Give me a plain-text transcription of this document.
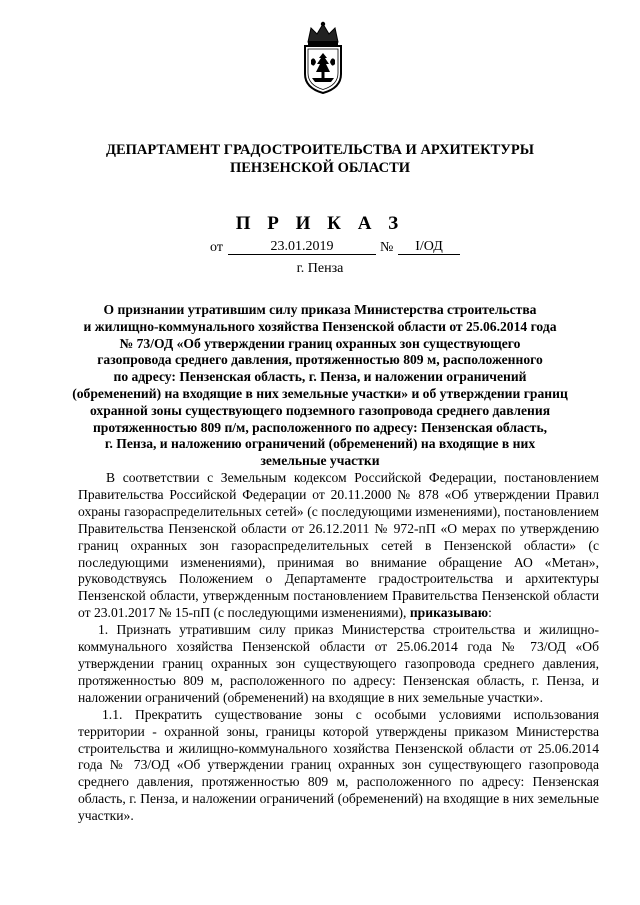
ДЕПАРТАМЕНТ ГРАДОСТРОИТЕЛЬСТВА И АРХИТЕКТУРЫ
ПЕНЗЕНСКОЙ ОБЛАСТИ
П Р И К А З
от	23.01.2019	№	I/ОД
г. Пенза
О признании утратившим силу приказа Министерства строительства
и жилищно-коммунального хозяйства Пензенской области от 25.06.2014 года
№ 73/ОД «Об утверждении границ охранных зон существующего
газопровода среднего давления, протяженностью 809 м, расположенного
по адресу: Пензенская область, г. Пенза, и наложении ограничений
(обременений) на входящие в них земельные участки» и об утверждении границ
охранной зоны существующего подземного газопровода среднего давления
протяженностью 809 п/м, расположенного по адресу: Пензенская область,
г. Пенза, и наложению ограничений (обременений) на входящие в них
земельные участки

В соответствии с Земельным кодексом Российской Федерации, постановлением Правительства Российской Федерации от 20.11.2000 № 878 «Об утверждении Правил охраны газораспределительных сетей» (с последующими изменениями), постановлением Правительства Пензенской области от 26.12.2011 № 972-пП «О мерах по утверждению границ охранных зон газораспределительных сетей в Пензенской области» (с последующими изменениями), принимая во внимание обращение АО «Метан», руководствуясь Положением о Департаменте градостроительства и архитектуры Пензенской области, утвержденным постановлением Правительства Пензенской области от 23.01.2017 № 15-пП (с последующими изменениями), приказываю:

1. Признать утратившим силу приказ Министерства строительства и жилищно-коммунального хозяйства Пензенской области от 25.06.2014 года № 73/ОД «Об утверждении границ охранных зон существующего газопровода среднего давления, протяженностью 809 м, расположенного по адресу: Пензенская область, г. Пенза, и наложении ограничений (обременений) на входящие в них земельные участки».

1.1. Прекратить существование зоны с особыми условиями использования территории - охранной зоны, границы которой утверждены приказом Министерства строительства и жилищно-коммунального хозяйства Пензенской области от 25.06.2014 года № 73/ОД «Об утверждении границ охранных зон существующего газопровода среднего давления, протяженностью 809 м, расположенного по адресу: Пензенская область, г. Пенза, и наложении ограничений (обременений) на входящие в них земельные участки».
